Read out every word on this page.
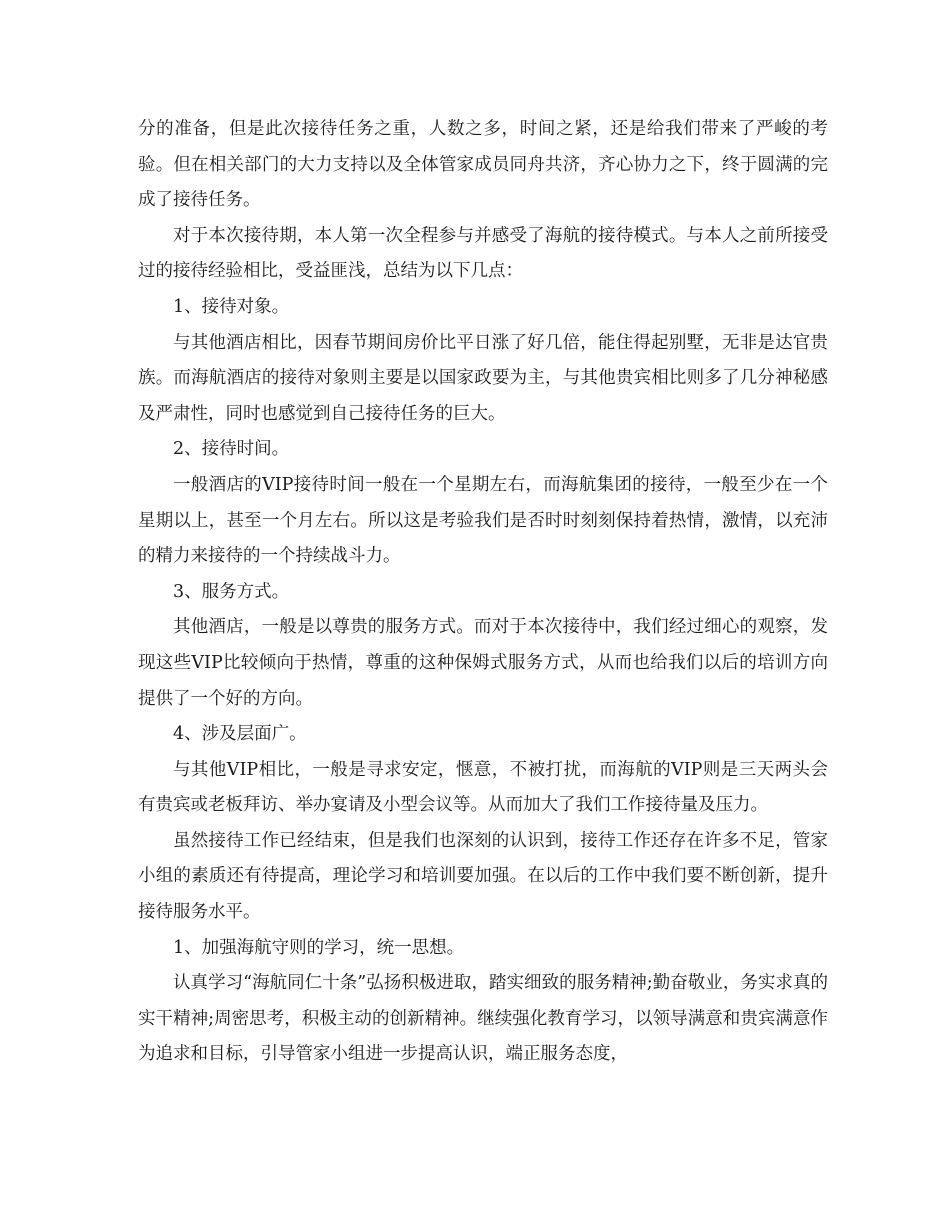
分的准备，但是此次接待任务之重，人数之多，时间之紧，还是给我们带来了严峻的考验。但在相关部门的大力支持以及全体管家成员同舟共济，齐心协力之下，终于圆满的完成了接待任务。

对于本次接待期，本人第一次全程参与并感受了海航的接待模式。与本人之前所接受过的接待经验相比，受益匪浅，总结为以下几点：

1、接待对象。

与其他酒店相比，因春节期间房价比平日涨了好几倍，能住得起别墅，无非是达官贵族。而海航酒店的接待对象则主要是以国家政要为主，与其他贵宾相比则多了几分神秘感及严肃性，同时也感觉到自己接待任务的巨大。

2、接待时间。

一般酒店的VIP接待时间一般在一个星期左右，而海航集团的接待，一般至少在一个星期以上，甚至一个月左右。所以这是考验我们是否时时刻刻保持着热情，激情，以充沛的精力来接待的一个持续战斗力。

3、服务方式。

其他酒店，一般是以尊贵的服务方式。而对于本次接待中，我们经过细心的观察，发现这些VIP比较倾向于热情，尊重的这种保姆式服务方式，从而也给我们以后的培训方向提供了一个好的方向。

4、涉及层面广。

与其他VIP相比，一般是寻求安定，惬意，不被打扰，而海航的VIP则是三天两头会有贵宾或老板拜访、举办宴请及小型会议等。从而加大了我们工作接待量及压力。

虽然接待工作已经结束，但是我们也深刻的认识到，接待工作还存在许多不足，管家小组的素质还有待提高，理论学习和培训要加强。在以后的工作中我们要不断创新，提升接待服务水平。

1、加强海航守则的学习，统一思想。

认真学习“海航同仁十条”弘扬积极进取，踏实细致的服务精神;勤奋敬业，务实求真的实干精神;周密思考，积极主动的创新精神。继续强化教育学习，以领导满意和贵宾满意作为追求和目标，引导管家小组进一步提高认识，端正服务态度，
